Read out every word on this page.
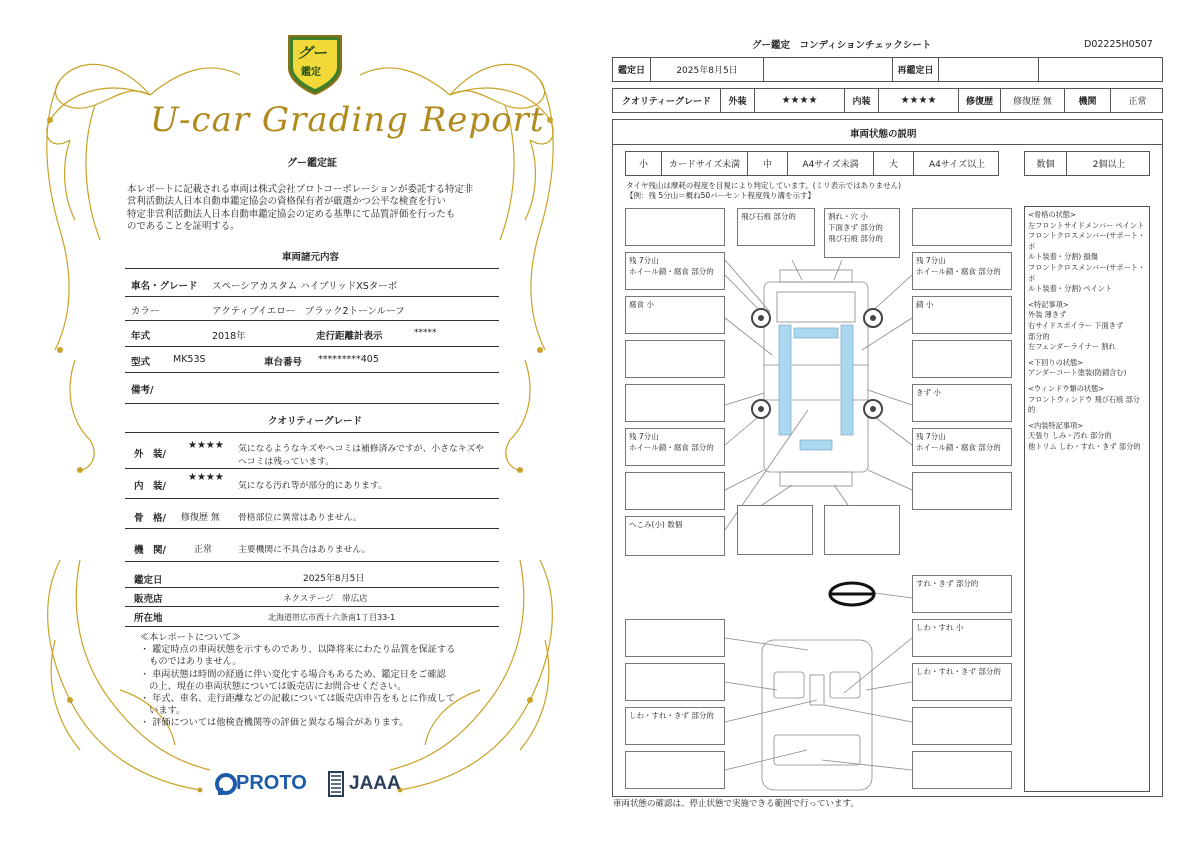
グー
鑑定
U-car Grading Report
グー鑑定証
本レポートに記載される車両は株式会社プロトコーポレーションが委託する特定非
営利活動法人日本自動車鑑定協会の資格保有者が厳選かつ公平な検査を行い
特定非営利活動法人日本自動車鑑定協会の定める基準にて品質評価を行ったも
のであることを証明する。
車両諸元内容
車名・グレード スペーシアカスタム ハイブリッドXSターボ
カラー	アクティブイエロー　ブラック2トーンルーフ
年式	2018年	走行距離計表示	*****
型式 MK53S	車台番号 *********405
備考/
クオリティーグレード
外　装/
★★★★ 気になるようなキズやヘコミは補修済みですが、小さなキズや
ヘコミは残っています。
内　装/
★★★★
気になる汚れ等が部分的にあります。
骨　格/ 修復歴 無 骨格部位に異常はありません。
機　関/	正常	主要機関に不具合はありません。
鑑定日	2025年8月5日
販売店	ネクステージ　帯広店
所在地	北海道帯広市西十六条南1丁目33-1
≪本レポートについて≫
・ 鑑定時点の車両状態を示すものであり、以降将来にわたり品質を保証する
　ものではありません。
・ 車両状態は時間の経過に伴い変化する場合もあるため、鑑定日をご確認
　の上、現在の車両状態については販売店にお問合せください。
・ 年式、車名、走行距離などの記載については販売店申告をもとに作成して
　います。
・ 評価については他検査機関等の評価と異なる場合があります。
PROTO JAAA
グー鑑定　コンディションチェックシート	D02225H0507
鑑定日	2025年8月5日	再鑑定日
クオリティーグレード	外装	★★★★	内装	★★★★	修復歴	修復歴 無	機関	正常
車両状態の説明
小	カードサイズ未満	中	A4サイズ未満	大	A4サイズ以上	数個	2個以上
タイヤ残山は摩耗の程度を目視により判定しています。(ミリ表示ではありません)
【例：残 5分山＝概ね50パーセント程度残り溝を示す】
飛び石痕 部分的	割れ・穴 小
下面きず 部分的
飛び石痕 部分的
残 7分山
ホイール錆・腐食 部分的
残 7分山
ホイール錆・腐食 部分的
腐食 小	錆 小
きず 小
残 7分山
ホイール錆・腐食 部分的
残 7分山
ホイール錆・腐食 部分的
へこみ(小) 数個
すれ・きず 部分的
しわ・すれ 小
しわ・すれ・きず 部分的
しわ・すれ・きず 部分的
<骨格の状態>
左フロントサイドメンバー ペイント
フロントクロスメンバー(サポート・ボ
ルト装着・分割) 損傷
フロントクロスメンバー(サポート・ボ
ルト装着・分割) ペイント
<特記事項>
外装 薄きず
右サイドスポイラー 下面きず
部分的
左フェンダーライナー 割れ
<下回りの状態>
アンダーコート塗装(防錆含む)
<ウィンドウ類の状態>
フロントウィンドウ 飛び石痕 部分的
<内装特記事項>
天張り しみ・汚れ 部分的
他トリム しわ・すれ・きず 部分的
車両状態の確認は、停止状態で実施できる範囲で行っています。
